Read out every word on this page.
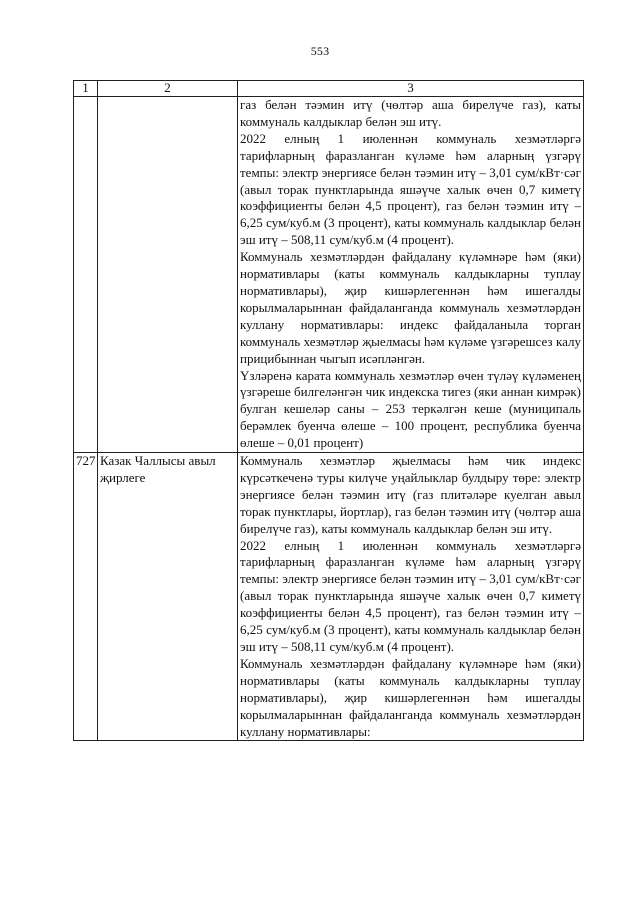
553
1	2	3

		газ белән тәэмин итү (чөлтәр аша бирелүче газ), каты коммуналь калдыклар белән эш итү.

2022 елның 1 июленнән коммуналь хезмәтләргә тарифларның фаразланган күләме һәм аларның үзгәрү темпы: электр энергиясе белән тәэмин итү – 3,01 сум/кВт·сәг (авыл торак пунктларында яшәүче халык өчен 0,7 киметү коэффициенты белән 4,5 процент), газ белән тәэмин итү – 6,25 сум/куб.м (3 процент), каты коммуналь калдыклар белән эш итү – 508,11 сум/куб.м (4 процент).

Коммуналь хезмәтләрдән файдалану күләмнәре һәм (яки) нормативлары (каты коммуналь калдыкларны туплау нормативлары), җир кишәрлегеннән һәм ишегалды корылмаларыннан файдаланганда коммуналь хезмәтләрдән куллану нормативлары: индекс файдаланыла торган коммуналь хезмәтләр җыелмасы һәм күләме үзгәрешсез калу прицибыннан чыгып исәпләнгән.

Үзләренә карата коммуналь хезмәтләр өчен түләү күләменең үзгәреше билгеләнгән чик индекска тигез (яки аннан кимрәк) булган кешеләр саны – 253 теркәлгән кеше (муниципаль берәмлек буенча өлеше – 100 процент, республика буенча өлеше – 0,01 процент)

727	Казак Чаллысы авыл җирлеге	Коммуналь хезмәтләр җыелмасы һәм чик индекс күрсәткеченә туры килүче уңайлыклар булдыру төре: электр энергиясе белән тәэмин итү (газ плитәләре куелган авыл торак пунктлары, йортлар), газ белән тәэмин итү (чөлтәр аша бирелүче газ), каты коммуналь калдыклар белән эш итү.

2022 елның 1 июленнән коммуналь хезмәтләргә тарифларның фаразланган күләме һәм аларның үзгәрү темпы: электр энергиясе белән тәэмин итү – 3,01 сум/кВт·сәг (авыл торак пунктларында яшәүче халык өчен 0,7 киметү коэффициенты белән 4,5 процент), газ белән тәэмин итү – 6,25 сум/куб.м (3 процент), каты коммуналь калдыклар белән эш итү – 508,11 сум/куб.м (4 процент).

Коммуналь хезмәтләрдән файдалану күләмнәре һәм (яки) нормативлары (каты коммуналь калдыкларны туплау нормативлары), җир кишәрлегеннән һәм ишегалды корылмаларыннан файдаланганда коммуналь хезмәтләрдән куллану нормативлары:
